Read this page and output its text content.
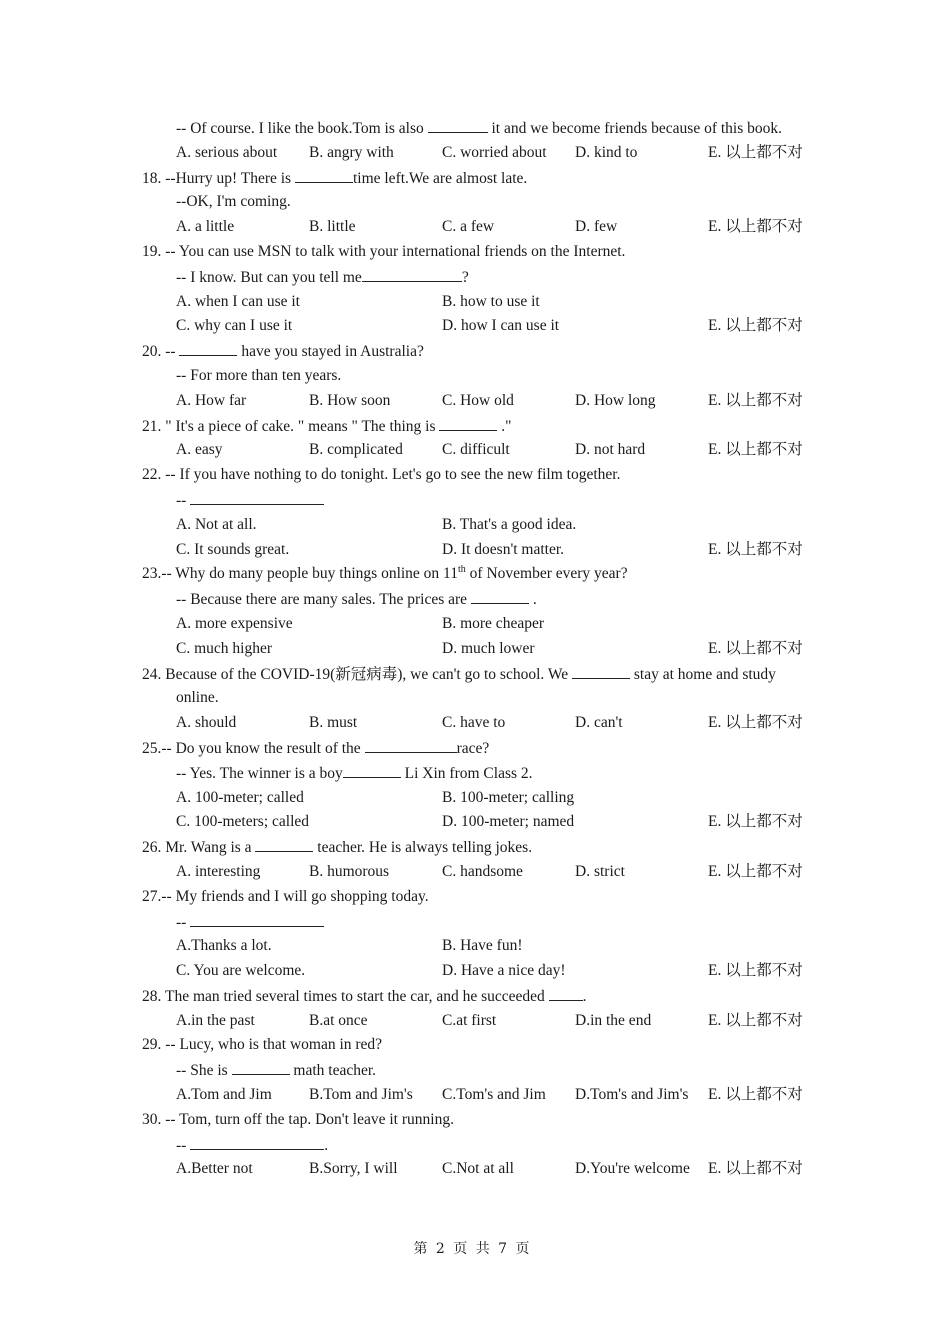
-- Of course. I like the book.Tom is also	it and we become friends because of this book.
A. serious about B. angry with	C. worried about D. kind to	E. 以上都不对
18. --Hurry up! There is	time left.We are almost late.
--OK, I'm coming.
A. a little	B. little	C. a few	D. few	E. 以上都不对
19. -- You can use MSN to talk with your international friends on the Internet.
-- I know. But can you tell me	?
A. when I can use it	B. how to use it
C. why can I use it	D. how I can use it	E. 以上都不对
20. --	have you stayed in Australia?
-- For more than ten years.
A. How far	B. How soon	C. How old	D. How long	E. 以上都不对
21. " It's a piece of cake. " means " The thing is	."
A. easy	B. complicated	C. difficult	D. not hard	E. 以上都不对
22. -- If you have nothing to do tonight. Let's go to see the new film together.
--
A. Not at all.	B. That's a good idea.
C. It sounds great.	D. It doesn't matter.	E. 以上都不对
23.-- Why do many people buy things online on 11th of November every year?
-- Because there are many sales. The prices are	.
A. more expensive	B. more cheaper
C. much higher	D. much lower	E. 以上都不对
24. Because of the COVID-19(新冠病毒), we can't go to school. We	stay at home and study
online.
A. should	B. must	C. have to	D. can't	E. 以上都不对
25.-- Do you know the result of the	race?
-- Yes. The winner is a boy	Li Xin from Class 2.
A. 100-meter; called	B. 100-meter; calling
C. 100-meters; called	D. 100-meter; named	E. 以上都不对
26. Mr. Wang is a	teacher. He is always telling jokes.
A. interesting	B. humorous	C. handsome	D. strict	E. 以上都不对
27.-- My friends and I will go shopping today.
--
A.Thanks a lot.	B. Have fun!
C. You are welcome.	D. Have a nice day!	E. 以上都不对
28. The man tried several times to start the car, and he succeeded .
A.in the past	B.at once	C.at first	D.in the end	E. 以上都不对
29. -- Lucy, who is that woman in red?
-- She is	math teacher.
A.Tom and Jim B.Tom and Jim's C.Tom's and Jim D.Tom's and Jim's E. 以上都不对
30. -- Tom, turn off the tap. Don't leave it running.
--	.
A.Better not	B.Sorry, I will	C.Not at all	D.You're welcome E. 以上都不对
第 2 页 共 7 页
